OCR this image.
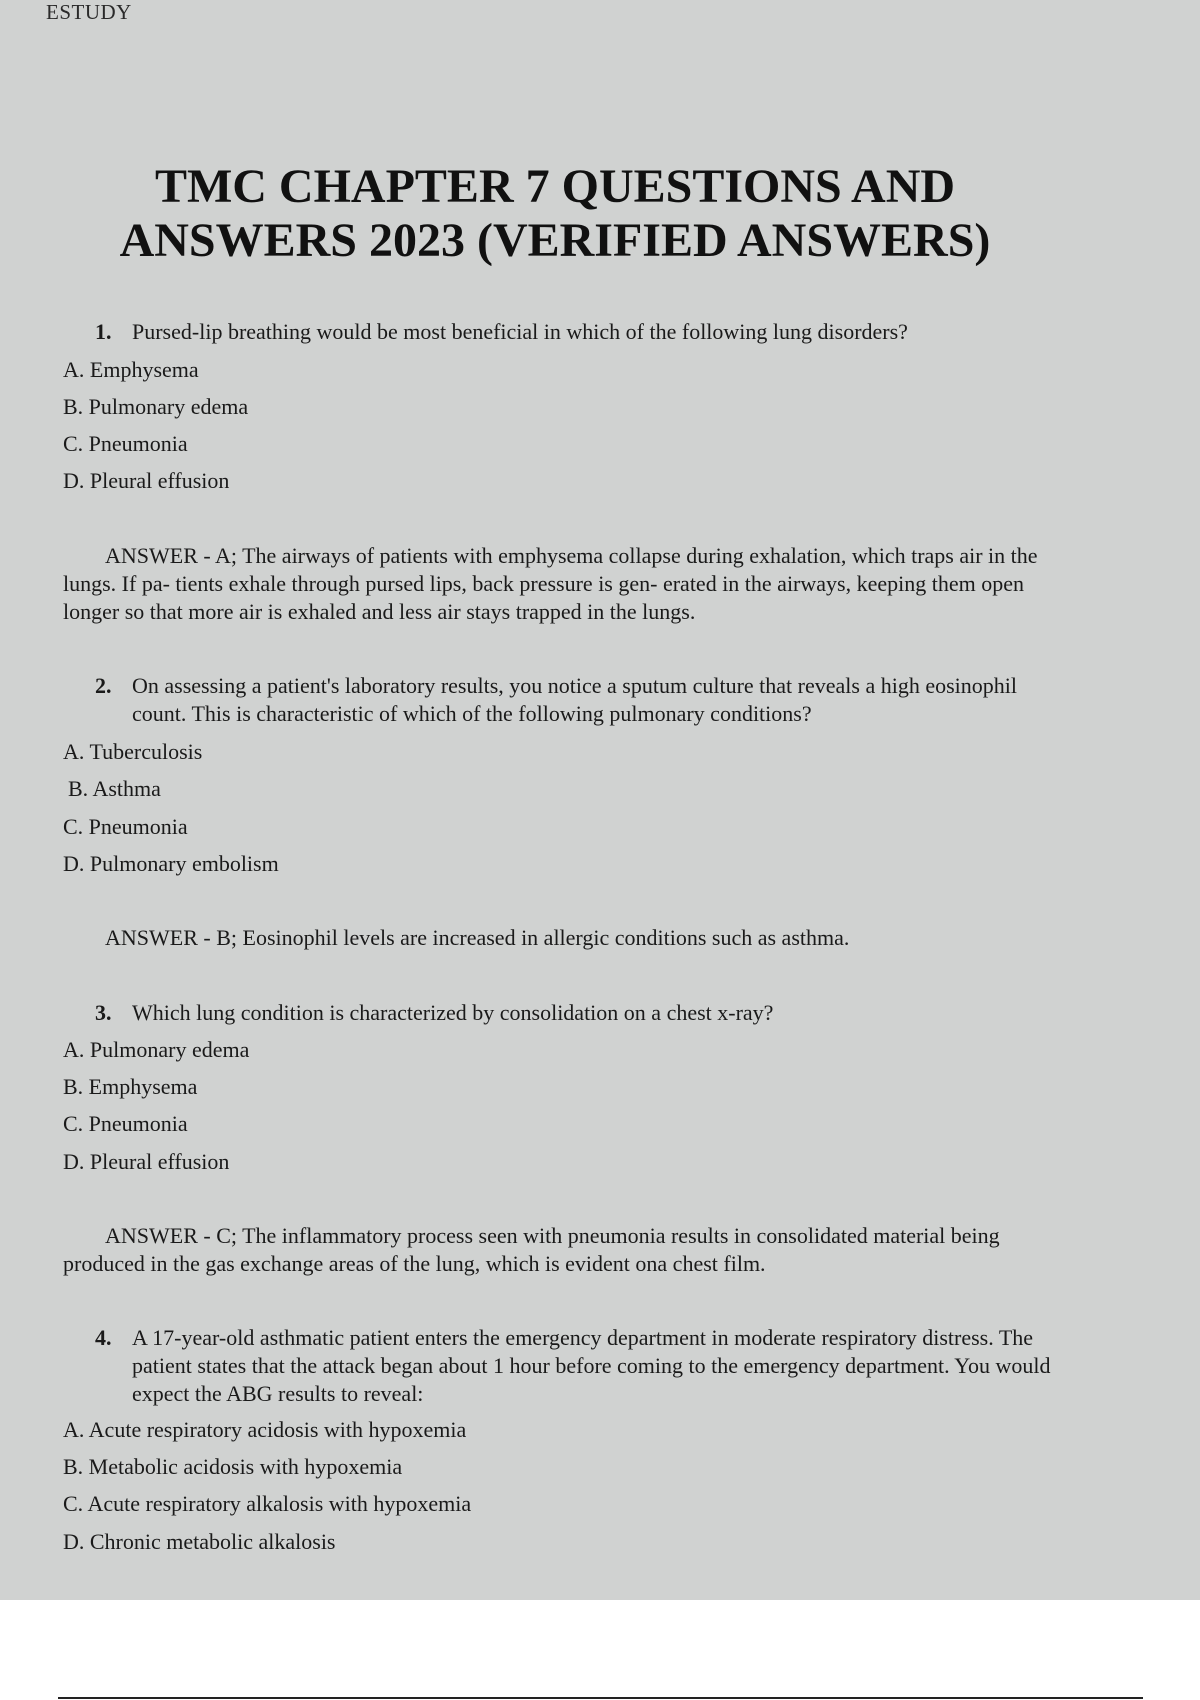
ESTUDY
TMC CHAPTER 7 QUESTIONS AND
ANSWERS 2023 (VERIFIED ANSWERS)
1. Pursed-lip breathing would be most beneficial in which of the following lung disorders?
A. Emphysema
B. Pulmonary edema
C. Pneumonia
D. Pleural effusion
ANSWER - A; The airways of patients with emphysema collapse during exhalation, which traps air in the lungs. If pa- tients exhale through pursed lips, back pressure is gen- erated in the airways, keeping them open longer so that more air is exhaled and less air stays trapped in the lungs.
2. On assessing a patient's laboratory results, you notice a sputum culture that reveals a high eosinophil count. This is characteristic of which of the following pulmonary conditions?
A. Tuberculosis
B. Asthma
C. Pneumonia
D. Pulmonary embolism
ANSWER - B; Eosinophil levels are increased in allergic conditions such as asthma.
3. Which lung condition is characterized by consolidation on a chest x-ray?
A. Pulmonary edema
B. Emphysema
C. Pneumonia
D. Pleural effusion
ANSWER - C; The inflammatory process seen with pneumonia results in consolidated material being produced in the gas exchange areas of the lung, which is evident ona chest film.
4. A 17-year-old asthmatic patient enters the emergency department in moderate respiratory distress. The patient states that the attack began about 1 hour before coming to the emergency department. You would expect the ABG results to reveal:
A. Acute respiratory acidosis with hypoxemia
B. Metabolic acidosis with hypoxemia
C. Acute respiratory alkalosis with hypoxemia
D. Chronic metabolic alkalosis
